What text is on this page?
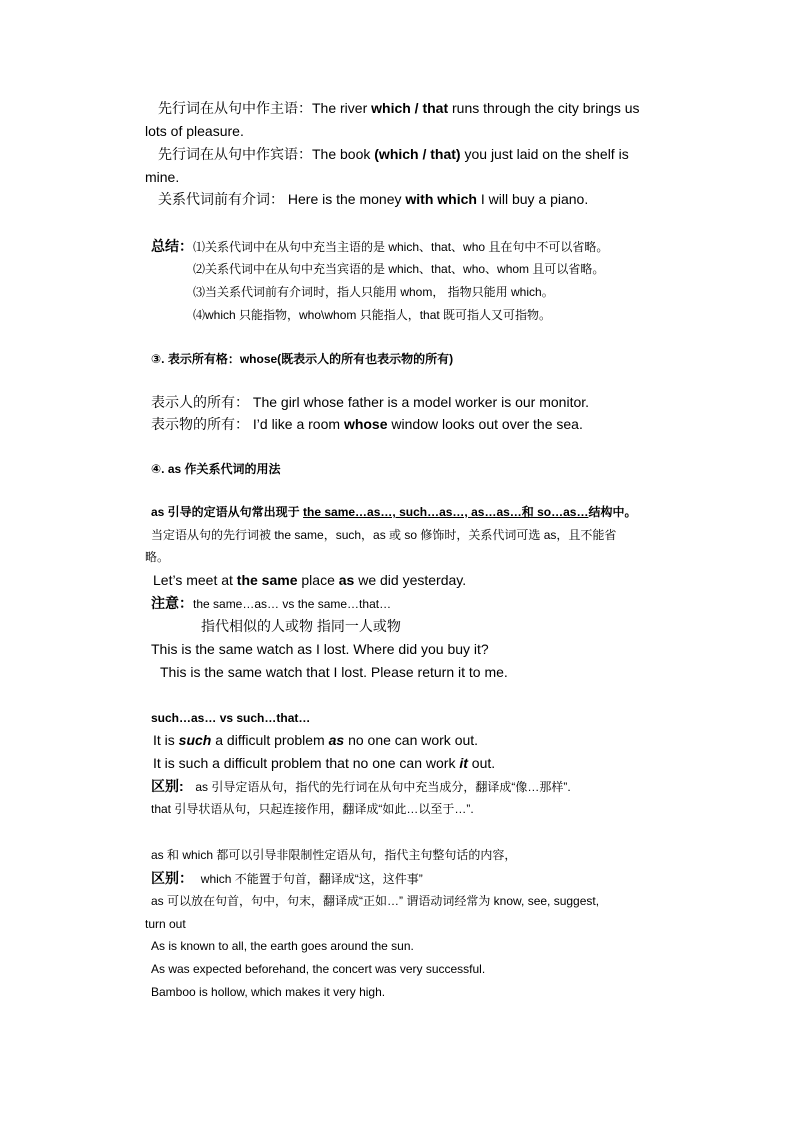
先行词在从句中作主语：The river which / that runs through the city brings us
lots of pleasure.
先行词在从句中作宾语：The book (which / that) you just laid on the shelf is
mine.
关系代词前有介词： Here is the money with which I will buy a piano.
总结：⑴关系代词中在从句中充当主语的是 which、that、who 且在句中不可以省略。
⑵关系代词中在从句中充当宾语的是 which、that、who、whom 且可以省略。
⑶当关系代词前有介词时，指人只能用 whom， 指物只能用 which。
⑷which 只能指物，who\whom 只能指人，that 既可指人又可指物。
③. 表示所有格：whose(既表示人的所有也表示物的所有)
表示人的所有： The girl whose father is a model worker is our monitor.
表示物的所有： I’d like a room whose window looks out over the sea.
④. as 作关系代词的用法
as 引导的定语从句常出现于 the same…as…, such…as…, as…as…和 so…as…结构中。
当定语从句的先行词被 the same，such，as 或 so 修饰时，关系代词可选 as，且不能省
略。
Let’s meet at the same place as we did yesterday.
注意：the same…as… vs the same…that…
指代相似的人或物 指同一人或物
This is the same watch as I lost. Where did you buy it?
This is the same watch that I lost. Please return it to me.
such…as… vs such…that…
It is such a difficult problem as no one can work out.
It is such a difficult problem that no one can work it out.
区别: as 引导定语从句，指代的先行词在从句中充当成分，翻译成“像…那样”.
that 引导状语从句，只起连接作用，翻译成“如此…以至于…”.
as 和 which 都可以引导非限制性定语从句，指代主句整句话的内容，
区别： which 不能置于句首，翻译成“这，这件事”
as 可以放在句首，句中，句末，翻译成“正如…” 谓语动词经常为 know, see, suggest,
turn out
As is known to all, the earth goes around the sun.
As was expected beforehand, the concert was very successful.
Bamboo is hollow, which makes it very high.
